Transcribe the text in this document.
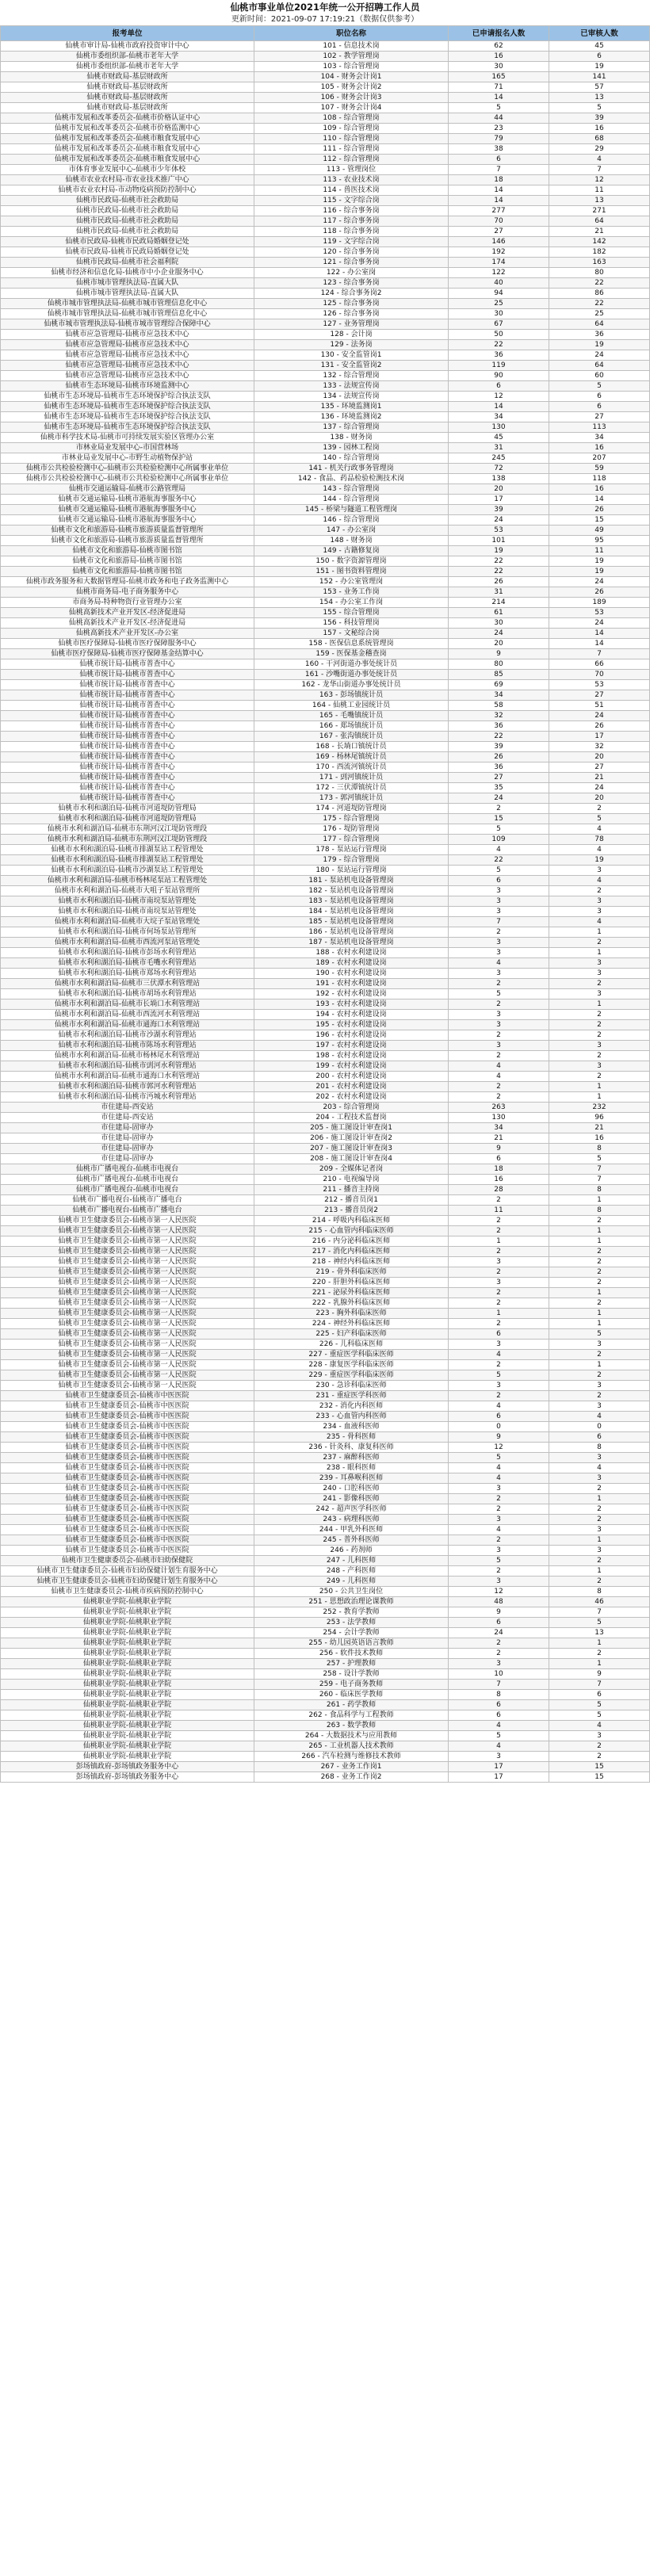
仙桃市事业单位2021年统一公开招聘工作人员
更新时间：2021-09-07 17:19:21（数据仅供参考）
报考单位	职位名称	已申请报名人数	已审核人数
仙桃市审计局-仙桃市政府投资审计中心	101 - 信息技术岗	62	45
仙桃市委组织部-仙桃市老年大学	102 - 教学管理岗	16	6
仙桃市委组织部-仙桃市老年大学	103 - 综合管理岗	30	19
仙桃市财政局-基层财政所	104 - 财务会计岗1	165	141
仙桃市财政局-基层财政所	105 - 财务会计岗2	71	57
仙桃市财政局-基层财政所	106 - 财务会计岗3	14	13
仙桃市财政局-基层财政所	107 - 财务会计岗4	5	5
仙桃市发展和改革委员会-仙桃市价格认证中心	108 - 综合管理岗	44	39
仙桃市发展和改革委员会-仙桃市价格监测中心	109 - 综合管理岗	23	16
仙桃市发展和改革委员会-仙桃市粮食发展中心	110 - 综合管理岗	79	68
仙桃市发展和改革委员会-仙桃市粮食发展中心	111 - 综合管理岗	38	29
仙桃市发展和改革委员会-仙桃市粮食发展中心	112 - 综合管理岗	6	4
市体育事业发展中心-仙桃市少年体校	113 - 管理岗位	7	7
仙桃市农业农村局-市农业技术推广中心	113 - 农业技术岗	18	12
仙桃市农业农村局-市动物疫病预防控制中心	114 - 兽医技术岗	14	11
仙桃市民政局-仙桃市社会救助局	115 - 文字综合岗	14	13
仙桃市民政局-仙桃市社会救助局	116 - 综合事务岗	277	271
仙桃市民政局-仙桃市社会救助局	117 - 综合事务岗	70	64
仙桃市民政局-仙桃市社会救助局	118 - 综合事务岗	27	21
仙桃市民政局-仙桃市民政局婚姻登记处	119 - 文字综合岗	146	142
仙桃市民政局-仙桃市民政局婚姻登记处	120 - 综合事务岗	192	182
仙桃市民政局-仙桃市社会福利院	121 - 综合事务岗	174	163
仙桃市经济和信息化局-仙桃市中小企业服务中心	122 - 办公室岗	122	80
仙桃市城市管理执法局-直属大队	123 - 综合事务岗	40	22
仙桃市城市管理执法局-直属大队	124 - 综合事务岗2	94	86
仙桃市城市管理执法局-仙桃市城市管理信息化中心	125 - 综合事务岗	25	22
仙桃市城市管理执法局-仙桃市城市管理信息化中心	126 - 综合事务岗	30	25
仙桃市城市管理执法局-仙桃市城市管理综合保障中心	127 - 业务管理岗	67	64
仙桃市应急管理局-仙桃市应急技术中心	128 - 会计岗	50	36
仙桃市应急管理局-仙桃市应急技术中心	129 - 法务岗	22	19
仙桃市应急管理局-仙桃市应急技术中心	130 - 安全监管岗1	36	24
仙桃市应急管理局-仙桃市应急技术中心	131 - 安全监管岗2	119	64
仙桃市应急管理局-仙桃市应急技术中心	132 - 综合管理岗	90	60
仙桃市生态环境局-仙桃市环境监测中心	133 - 法规宣传岗	6	5
仙桃市生态环境局-仙桃市生态环境保护综合执法支队	134 - 法规宣传岗	12	6
仙桃市生态环境局-仙桃市生态环境保护综合执法支队	135 - 环境监测岗1	14	6
仙桃市生态环境局-仙桃市生态环境保护综合执法支队	136 - 环境监测岗2	34	27
仙桃市生态环境局-仙桃市生态环境保护综合执法支队	137 - 综合管理岗	130	113
仙桃市科学技术局-仙桃市可持续发展实验区管理办公室	138 - 财务岗	45	34
市林业局业发展中心-市国营林场	139 - 园林工程岗	31	16
市林业局业发展中心-市野生动植物保护站	140 - 综合管理岗	245	207
仙桃市公共检验检测中心-仙桃市公共检验检测中心所属事业单位	141 - 机关行政事务管理岗	72	59
仙桃市公共检验检测中心-仙桃市公共检验检测中心所属事业单位	142 - 食品、药品检验检测技术岗	138	118
仙桃市交通运输局-仙桃市公路管理局	143 - 综合管理岗	20	16
仙桃市交通运输局-仙桃市港航海事服务中心	144 - 综合管理岗	17	14
仙桃市交通运输局-仙桃市港航海事服务中心	145 - 桥梁与隧道工程管理岗	39	26
仙桃市交通运输局-仙桃市港航海事服务中心	146 - 综合管理岗	24	15
仙桃市文化和旅游局-仙桃市旅游质量监督管理所	147 - 办公室岗	53	49
仙桃市文化和旅游局-仙桃市旅游质量监督管理所	148 - 财务岗	101	95
仙桃市文化和旅游局-仙桃市图书馆	149 - 古籍修复岗	19	11
仙桃市文化和旅游局-仙桃市图书馆	150 - 数字资源管理岗	22	19
仙桃市文化和旅游局-仙桃市图书馆	151 - 图书资料管理岗	22	19
仙桃市政务服务和大数据管理局-仙桃市政务和电子政务监测中心	152 - 办公室管理岗	26	24
仙桃市商务局-电子商务服务中心	153 - 业务工作岗	31	26
市商务局-特种物资行业管理办公室	154 - 办公室工作岗	214	189
仙桃高新技术产业开发区-经济促进局	155 - 综合管理岗	61	53
仙桃高新技术产业开发区-经济促进局	156 - 科技管理岗	30	24
仙桃高新技术产业开发区-办公室	157 - 文秘综合岗	24	14
仙桃市医疗保障局-仙桃市医疗保障服务中心	158 - 医保信息系统管理岗	20	14
仙桃市医疗保障局-仙桃市医疗保障基金结算中心	159 - 医保基金稽查岗	9	7
仙桃市统计局-仙桃市普查中心	160 - 干河街道办事处统计员	80	66
仙桃市统计局-仙桃市普查中心	161 - 沙嘴街道办事处统计员	85	70
仙桃市统计局-仙桃市普查中心	162 - 龙华山街道办事处统计员	69	53
仙桃市统计局-仙桃市普查中心	163 - 彭场镇统计员	34	27
仙桃市统计局-仙桃市普查中心	164 - 仙桃工业园统计员	58	51
仙桃市统计局-仙桃市普查中心	165 - 毛嘴镇统计员	32	24
仙桃市统计局-仙桃市普查中心	166 - 郑场镇统计员	36	26
仙桃市统计局-仙桃市普查中心	167 - 张沟镇统计员	22	17
仙桃市统计局-仙桃市普查中心	168 - 长埫口镇统计员	39	32
仙桃市统计局-仙桃市普查中心	169 - 杨林尾镇统计员	26	20
仙桃市统计局-仙桃市普查中心	170 - 西流河镇统计员	36	27
仙桃市统计局-仙桃市普查中心	171 - 剅河镇统计员	27	21
仙桃市统计局-仙桃市普查中心	172 - 三伏潭镇统计员	35	24
仙桃市统计局-仙桃市普查中心	173 - 郭河镇统计员	24	20
仙桃市水利和湖泊局-仙桃市河道堤防管理局	174 - 河道堤防管理岗	2	2
仙桃市水利和湖泊局-仙桃市河道堤防管理局	175 - 综合管理岗	15	5
仙桃市水利和湖泊局-仙桃市东荆河汉江堤防管理段	176 - 堤防管理岗	5	4
仙桃市水利和湖泊局-仙桃市东荆河汉江堤防管理段	177 - 综合管理岗	109	78
仙桃市水利和湖泊局-仙桃市排湖泵站工程管理处	178 - 泵站运行管理岗	4	4
仙桃市水利和湖泊局-仙桃市排湖泵站工程管理处	179 - 综合管理岗	22	19
仙桃市水利和湖泊局-仙桃市沙湖泵站工程管理处	180 - 泵站运行管理岗	5	3
仙桃市水利和湖泊局-仙桃市杨林尾泵站工程管理处	181 - 泵站机电设备管理岗	6	4
仙桃市水利和湖泊局-仙桃市大咀子泵站管理所	182 - 泵站机电设备管理岗	3	2
仙桃市水利和湖泊局-仙桃市南垸泵站管理处	183 - 泵站机电设备管理岗	3	3
仙桃市水利和湖泊局-仙桃市南垸泵站管理处	184 - 泵站机电设备管理岗	3	3
仙桃市水利和湖泊局-仙桃市大垸子泵站管理处	185 - 泵站机电设备管理岗	7	4
仙桃市水利和湖泊局-仙桃市何场泵站管理所	186 - 泵站机电设备管理岗	2	1
仙桃市水利和湖泊局-仙桃市西流河泵站管理处	187 - 泵站机电设备管理岗	3	2
仙桃市水利和湖泊局-仙桃市彭场水利管理站	188 - 农村水利建设岗	3	1
仙桃市水利和湖泊局-仙桃市毛嘴水利管理站	189 - 农村水利建设岗	4	3
仙桃市水利和湖泊局-仙桃市郑场水利管理站	190 - 农村水利建设岗	3	3
仙桃市水利和湖泊局-仙桃市三伏潭水利管理站	191 - 农村水利建设岗	2	2
仙桃市水利和湖泊局-仙桃市胡场水利管理站	192 - 农村水利建设岗	5	3
仙桃市水利和湖泊局-仙桃市长埫口水利管理站	193 - 农村水利建设岗	2	1
仙桃市水利和湖泊局-仙桃市西流河水利管理站	194 - 农村水利建设岗	3	2
仙桃市水利和湖泊局-仙桃市通海口水利管理站	195 - 农村水利建设岗	3	2
仙桃市水利和湖泊局-仙桃市沙湖水利管理站	196 - 农村水利建设岗	2	2
仙桃市水利和湖泊局-仙桃市陈场水利管理站	197 - 农村水利建设岗	3	3
仙桃市水利和湖泊局-仙桃市杨林尾水利管理站	198 - 农村水利建设岗	2	2
仙桃市水利和湖泊局-仙桃市剅河水利管理站	199 - 农村水利建设岗	4	3
仙桃市水利和湖泊局-仙桃市通海口水利管理站	200 - 农村水利建设岗	4	2
仙桃市水利和湖泊局-仙桃市郭河水利管理站	201 - 农村水利建设岗	2	1
仙桃市水利和湖泊局-仙桃市沔城水利管理站	202 - 农村水利建设岗	2	1
市住建局-西安站	203 - 综合管理岗	263	232
市住建局-西安站	204 - 工程技术监督岗	130	96
市住建局-固审办	205 - 施工图设计审查岗1	34	21
市住建局-固审办	206 - 施工图设计审查岗2	21	16
市住建局-固审办	207 - 施工图设计审查岗3	9	8
市住建局-固审办	208 - 施工图设计审查岗4	6	5
仙桃市广播电视台-仙桃市电视台	209 - 全媒体记者岗	18	7
仙桃市广播电视台-仙桃市电视台	210 - 电视编导岗	16	7
仙桃市广播电视台-仙桃市电视台	211 - 播音主持岗	28	8
仙桃市广播电视台-仙桃市广播电台	212 - 播音员岗1	2	1
仙桃市广播电视台-仙桃市广播电台	213 - 播音员岗2	11	8
仙桃市卫生健康委员会-仙桃市第一人民医院	214 - 呼吸内科临床医师	2	2
仙桃市卫生健康委员会-仙桃市第一人民医院	215 - 心血管内科临床医师	2	1
仙桃市卫生健康委员会-仙桃市第一人民医院	216 - 内分泌科临床医师	1	1
仙桃市卫生健康委员会-仙桃市第一人民医院	217 - 消化内科临床医师	2	2
仙桃市卫生健康委员会-仙桃市第一人民医院	218 - 神经内科临床医师	3	2
仙桃市卫生健康委员会-仙桃市第一人民医院	219 - 骨外科临床医师	2	2
仙桃市卫生健康委员会-仙桃市第一人民医院	220 - 肝胆外科临床医师	3	2
仙桃市卫生健康委员会-仙桃市第一人民医院	221 - 泌尿外科临床医师	2	1
仙桃市卫生健康委员会-仙桃市第一人民医院	222 - 乳腺外科临床医师	2	2
仙桃市卫生健康委员会-仙桃市第一人民医院	223 - 胸外科临床医师	1	1
仙桃市卫生健康委员会-仙桃市第一人民医院	224 - 神经外科临床医师	2	1
仙桃市卫生健康委员会-仙桃市第一人民医院	225 - 妇产科临床医师	6	5
仙桃市卫生健康委员会-仙桃市第一人民医院	226 - 儿科临床医师	3	3
仙桃市卫生健康委员会-仙桃市第一人民医院	227 - 重症医学科临床医师	4	2
仙桃市卫生健康委员会-仙桃市第一人民医院	228 - 康复医学科临床医师	2	1
仙桃市卫生健康委员会-仙桃市第一人民医院	229 - 重症医学科临床医师	5	2
仙桃市卫生健康委员会-仙桃市第一人民医院	230 - 急诊科临床医师	3	3
仙桃市卫生健康委员会-仙桃市中医医院	231 - 重症医学科医师	2	2
仙桃市卫生健康委员会-仙桃市中医医院	232 - 消化内科医师	4	3
仙桃市卫生健康委员会-仙桃市中医医院	233 - 心血管内科医师	6	4
仙桃市卫生健康委员会-仙桃市中医医院	234 - 血液科医师	0	0
仙桃市卫生健康委员会-仙桃市中医医院	235 - 骨科医师	9	6
仙桃市卫生健康委员会-仙桃市中医医院	236 - 针灸科、康复科医师	12	8
仙桃市卫生健康委员会-仙桃市中医医院	237 - 麻醉科医师	5	3
仙桃市卫生健康委员会-仙桃市中医医院	238 - 眼科医师	4	4
仙桃市卫生健康委员会-仙桃市中医医院	239 - 耳鼻喉科医师	4	3
仙桃市卫生健康委员会-仙桃市中医医院	240 - 口腔科医师	3	2
仙桃市卫生健康委员会-仙桃市中医医院	241 - 影像科医师	2	1
仙桃市卫生健康委员会-仙桃市中医医院	242 - 超声医学科医师	2	2
仙桃市卫生健康委员会-仙桃市中医医院	243 - 病理科医师	3	2
仙桃市卫生健康委员会-仙桃市中医医院	244 - 甲乳外科医师	4	3
仙桃市卫生健康委员会-仙桃市中医医院	245 - 普外科医师	2	1
仙桃市卫生健康委员会-仙桃市中医医院	246 - 药剂师	3	3
仙桃市卫生健康委员会-仙桃市妇幼保健院	247 - 儿科医师	5	2
仙桃市卫生健康委员会-仙桃市妇幼保健计划生育服务中心	248 - 产科医师	2	1
仙桃市卫生健康委员会-仙桃市妇幼保健计划生育服务中心	249 - 儿科医师	3	2
仙桃市卫生健康委员会-仙桃市疾病预防控制中心	250 - 公共卫生岗位	12	8
仙桃职业学院-仙桃职业学院	251 - 思想政治理论课教师	48	46
仙桃职业学院-仙桃职业学院	252 - 教育学教师	9	7
仙桃职业学院-仙桃职业学院	253 - 法学教师	6	5
仙桃职业学院-仙桃职业学院	254 - 会计学教师	24	13
仙桃职业学院-仙桃职业学院	255 - 幼儿园英语语言教师	2	1
仙桃职业学院-仙桃职业学院	256 - 软件技术教师	2	2
仙桃职业学院-仙桃职业学院	257 - 护理教师	3	1
仙桃职业学院-仙桃职业学院	258 - 设计学教师	10	9
仙桃职业学院-仙桃职业学院	259 - 电子商务教师	7	7
仙桃职业学院-仙桃职业学院	260 - 临床医学教师	8	6
仙桃职业学院-仙桃职业学院	261 - 药学教师	6	5
仙桃职业学院-仙桃职业学院	262 - 食品科学与工程教师	6	5
仙桃职业学院-仙桃职业学院	263 - 数学教师	4	4
仙桃职业学院-仙桃职业学院	264 - 大数据技术与应用教师	5	3
仙桃职业学院-仙桃职业学院	265 - 工业机器人技术教师	4	2
仙桃职业学院-仙桃职业学院	266 - 汽车检测与维修技术教师	3	2
彭场镇政府-彭场镇政务服务中心	267 - 业务工作岗1	17	15
彭场镇政府-彭场镇政务服务中心	268 - 业务工作岗2	17	15
